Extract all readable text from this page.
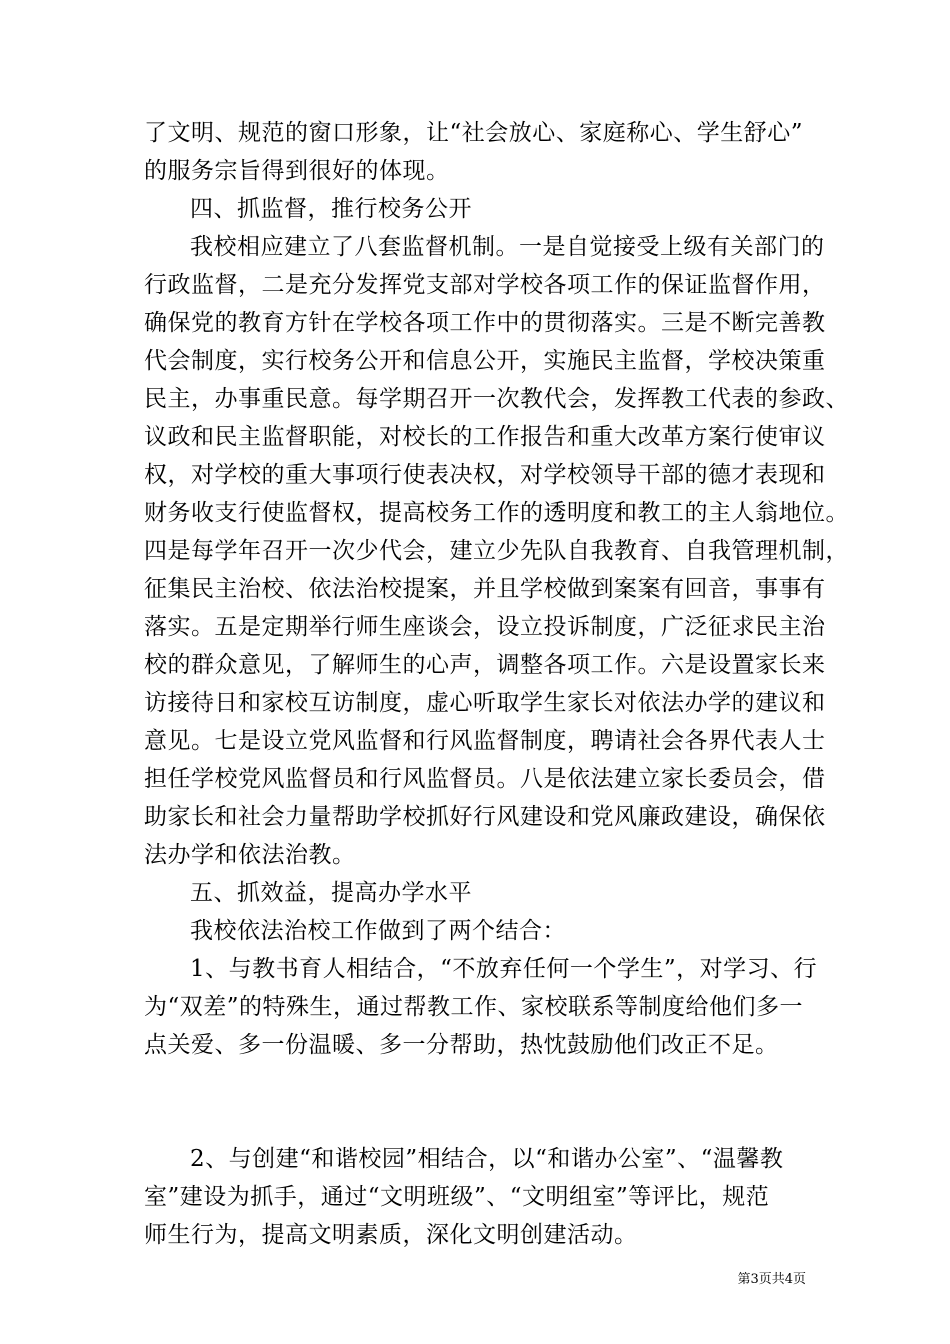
了文明、规范的窗口形象，让“社会放心、家庭称心、学生舒心”
的服务宗旨得到很好的体现。
四、抓监督，推行校务公开
我校相应建立了八套监督机制。一是自觉接受上级有关部门的
行政监督，二是充分发挥党支部对学校各项工作的保证监督作用，
确保党的教育方针在学校各项工作中的贯彻落实。三是不断完善教
代会制度，实行校务公开和信息公开，实施民主监督，学校决策重
民主，办事重民意。每学期召开一次教代会，发挥教工代表的参政、
议政和民主监督职能，对校长的工作报告和重大改革方案行使审议
权，对学校的重大事项行使表决权，对学校领导干部的德才表现和
财务收支行使监督权，提高校务工作的透明度和教工的主人翁地位。
四是每学年召开一次少代会，建立少先队自我教育、自我管理机制，
征集民主治校、依法治校提案，并且学校做到案案有回音，事事有
落实。五是定期举行师生座谈会，设立投诉制度，广泛征求民主治
校的群众意见，了解师生的心声，调整各项工作。六是设置家长来
访接待日和家校互访制度，虚心听取学生家长对依法办学的建议和
意见。七是设立党风监督和行风监督制度，聘请社会各界代表人士
担任学校党风监督员和行风监督员。八是依法建立家长委员会，借
助家长和社会力量帮助学校抓好行风建设和党风廉政建设，确保依
法办学和依法治教。
五、抓效益，提高办学水平
我校依法治校工作做到了两个结合：
1、与教书育人相结合，“不放弃任何一个学生”，对学习、行
为“双差”的特殊生，通过帮教工作、家校联系等制度给他们多一
点关爱、多一份温暖、多一分帮助，热忱鼓励他们改正不足。
2、与创建“和谐校园”相结合，以“和谐办公室”、“温馨教
室”建设为抓手，通过“文明班级”、“文明组室”等评比，规范
师生行为，提高文明素质，深化文明创建活动。
第3页共4页
